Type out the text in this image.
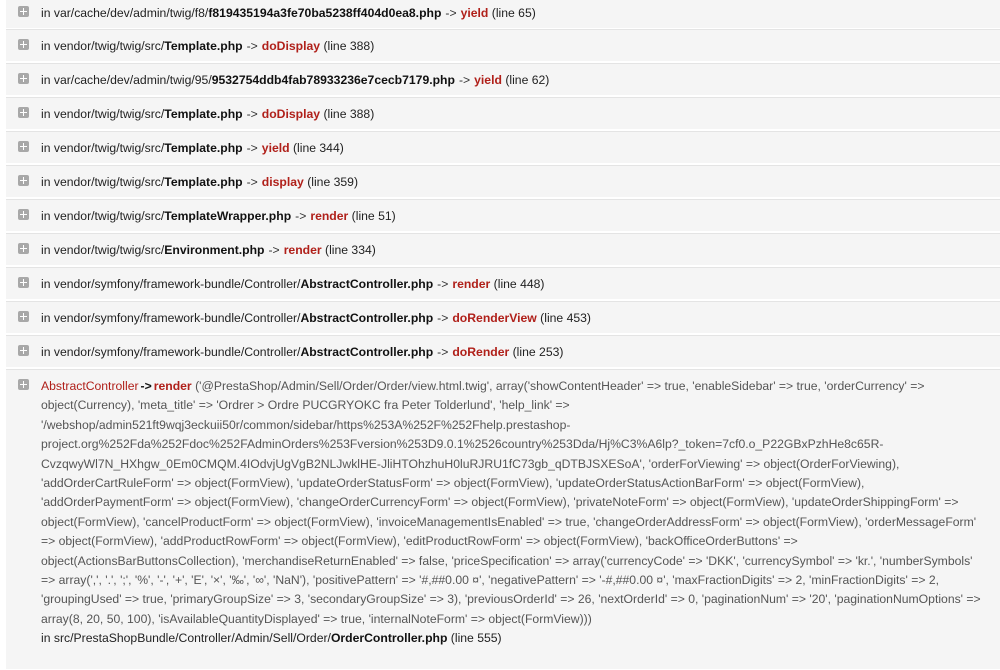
in var/cache/dev/admin/twig/f8/f819435194a3fe70ba5238ff404d0ea8.php -> yield (line 65)
in vendor/twig/twig/src/Template.php -> doDisplay (line 388)
in var/cache/dev/admin/twig/95/9532754ddb4fab78933236e7cecb7179.php -> yield (line 62)
in vendor/twig/twig/src/Template.php -> doDisplay (line 388)
in vendor/twig/twig/src/Template.php -> yield (line 344)
in vendor/twig/twig/src/Template.php -> display (line 359)
in vendor/twig/twig/src/TemplateWrapper.php -> render (line 51)
in vendor/twig/twig/src/Environment.php -> render (line 334)
in vendor/symfony/framework-bundle/Controller/AbstractController.php -> render (line 448)
in vendor/symfony/framework-bundle/Controller/AbstractController.php -> doRenderView (line 453)
in vendor/symfony/framework-bundle/Controller/AbstractController.php -> doRender (line 253)
AbstractController -> render ('@PrestaShop/Admin/Sell/Order/Order/view.html.twig', array('showContentHeader' => true, 'enableSidebar' => true, 'orderCurrency' => object(Currency), 'meta_title' => 'Ordrer > Ordre PUCGRYOKC fra Peter Tolderlund', 'help_link' => '/webshop/admin521ft9wqj3eckuii50r/common/sidebar/https%253A%252F%252Fhelp.prestashop-project.org%252Fda%252Fdoc%252FAdminOrders%253Fversion%253D9.0.1%2526country%253Dda/Hj%C3%A6lp?_token=7cf0.o_P22GBxPzhHe8c65R-CvzqwyWl7N_HXhgw_0Em0CMQM.4IOdvjUgVgB2NLJwklHE-JliHTOhzhuH0luRJRU1fC73gb_qDTBJSXESoA', 'orderForViewing' => object(OrderForViewing), 'addOrderCartRuleForm' => object(FormView), 'updateOrderStatusForm' => object(FormView), 'updateOrderStatusActionBarForm' => object(FormView), 'addOrderPaymentForm' => object(FormView), 'changeOrderCurrencyForm' => object(FormView), 'privateNoteForm' => object(FormView), 'updateOrderShippingForm' => object(FormView), 'cancelProductForm' => object(FormView), 'invoiceManagementIsEnabled' => true, 'changeOrderAddressForm' => object(FormView), 'orderMessageForm' => object(FormView), 'addProductRowForm' => object(FormView), 'editProductRowForm' => object(FormView), 'backOfficeOrderButtons' => object(ActionsBarButtonsCollection), 'merchandiseReturnEnabled' => false, 'priceSpecification' => array('currencyCode' => 'DKK', 'currencySymbol' => 'kr.', 'numberSymbols' => array(',', '.', ';', '%', '-', '+', 'E', '×', '‰', '∞', 'NaN'), 'positivePattern' => '#,##0.00 ¤', 'negativePattern' => '-#,##0.00 ¤', 'maxFractionDigits' => 2, 'minFractionDigits' => 2, 'groupingUsed' => true, 'primaryGroupSize' => 3, 'secondaryGroupSize' => 3), 'previousOrderId' => 26, 'nextOrderId' => 0, 'paginationNum' => '20', 'paginationNumOptions' => array(8, 20, 50, 100), 'isAvailableQuantityDisplayed' => true, 'internalNoteForm' => object(FormView)))
in src/PrestaShopBundle/Controller/Admin/Sell/Order/OrderController.php (line 555)
